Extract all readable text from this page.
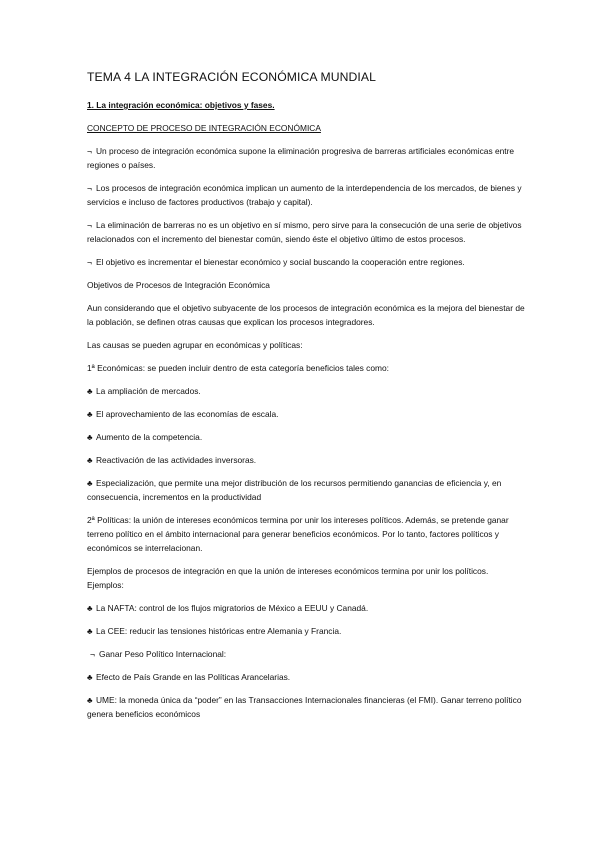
TEMA 4 LA INTEGRACIÓN ECONÓMICA MUNDIAL

1. La integración económica: objetivos y fases.

CONCEPTO DE PROCESO DE INTEGRACIÓN ECONÓMICA

¬ Un proceso de integración económica supone la eliminación progresiva de barreras artificiales económicas entre regiones o países.

¬ Los procesos de integración económica implican un aumento de la interdependencia de los mercados, de bienes y servicios e incluso de factores productivos (trabajo y capital).

¬ La eliminación de barreras no es un objetivo en sí mismo, pero sirve para la consecución de una serie de objetivos relacionados con el incremento del bienestar común, siendo éste el objetivo último de estos procesos.

¬ El objetivo es incrementar el bienestar económico y social buscando la cooperación entre regiones.

Objetivos de Procesos de Integración Económica

Aun considerando que el objetivo subyacente de los procesos de integración económica es la mejora del bienestar de la población, se definen otras causas que explican los procesos integradores.

Las causas se pueden agrupar en económicas y políticas:

1ª Económicas: se pueden incluir dentro de esta categoría beneficios tales como:

♣ La ampliación de mercados.

♣ El aprovechamiento de las economías de escala.

♣ Aumento de la competencia.

♣ Reactivación de las actividades inversoras.

♣ Especialización, que permite una mejor distribución de los recursos permitiendo ganancias de eficiencia y, en consecuencia, incrementos en la productividad

2ª Políticas: la unión de intereses económicos termina por unir los intereses políticos. Además, se pretende ganar terreno político en el ámbito internacional para generar beneficios económicos. Por lo tanto, factores políticos y económicos se interrelacionan.

Ejemplos de procesos de integración en que la unión de intereses económicos termina por unir los políticos. Ejemplos:

♣ La NAFTA: control de los flujos migratorios de México a EEUU y Canadá.

♣ La CEE: reducir las tensiones históricas entre Alemania y Francia.

¬ Ganar Peso Político Internacional:

♣ Efecto de País Grande en las Políticas Arancelarias.

♣ UME: la moneda única da “poder” en las Transacciones Internacionales financieras (el FMI). Ganar terreno político genera beneficios económicos
